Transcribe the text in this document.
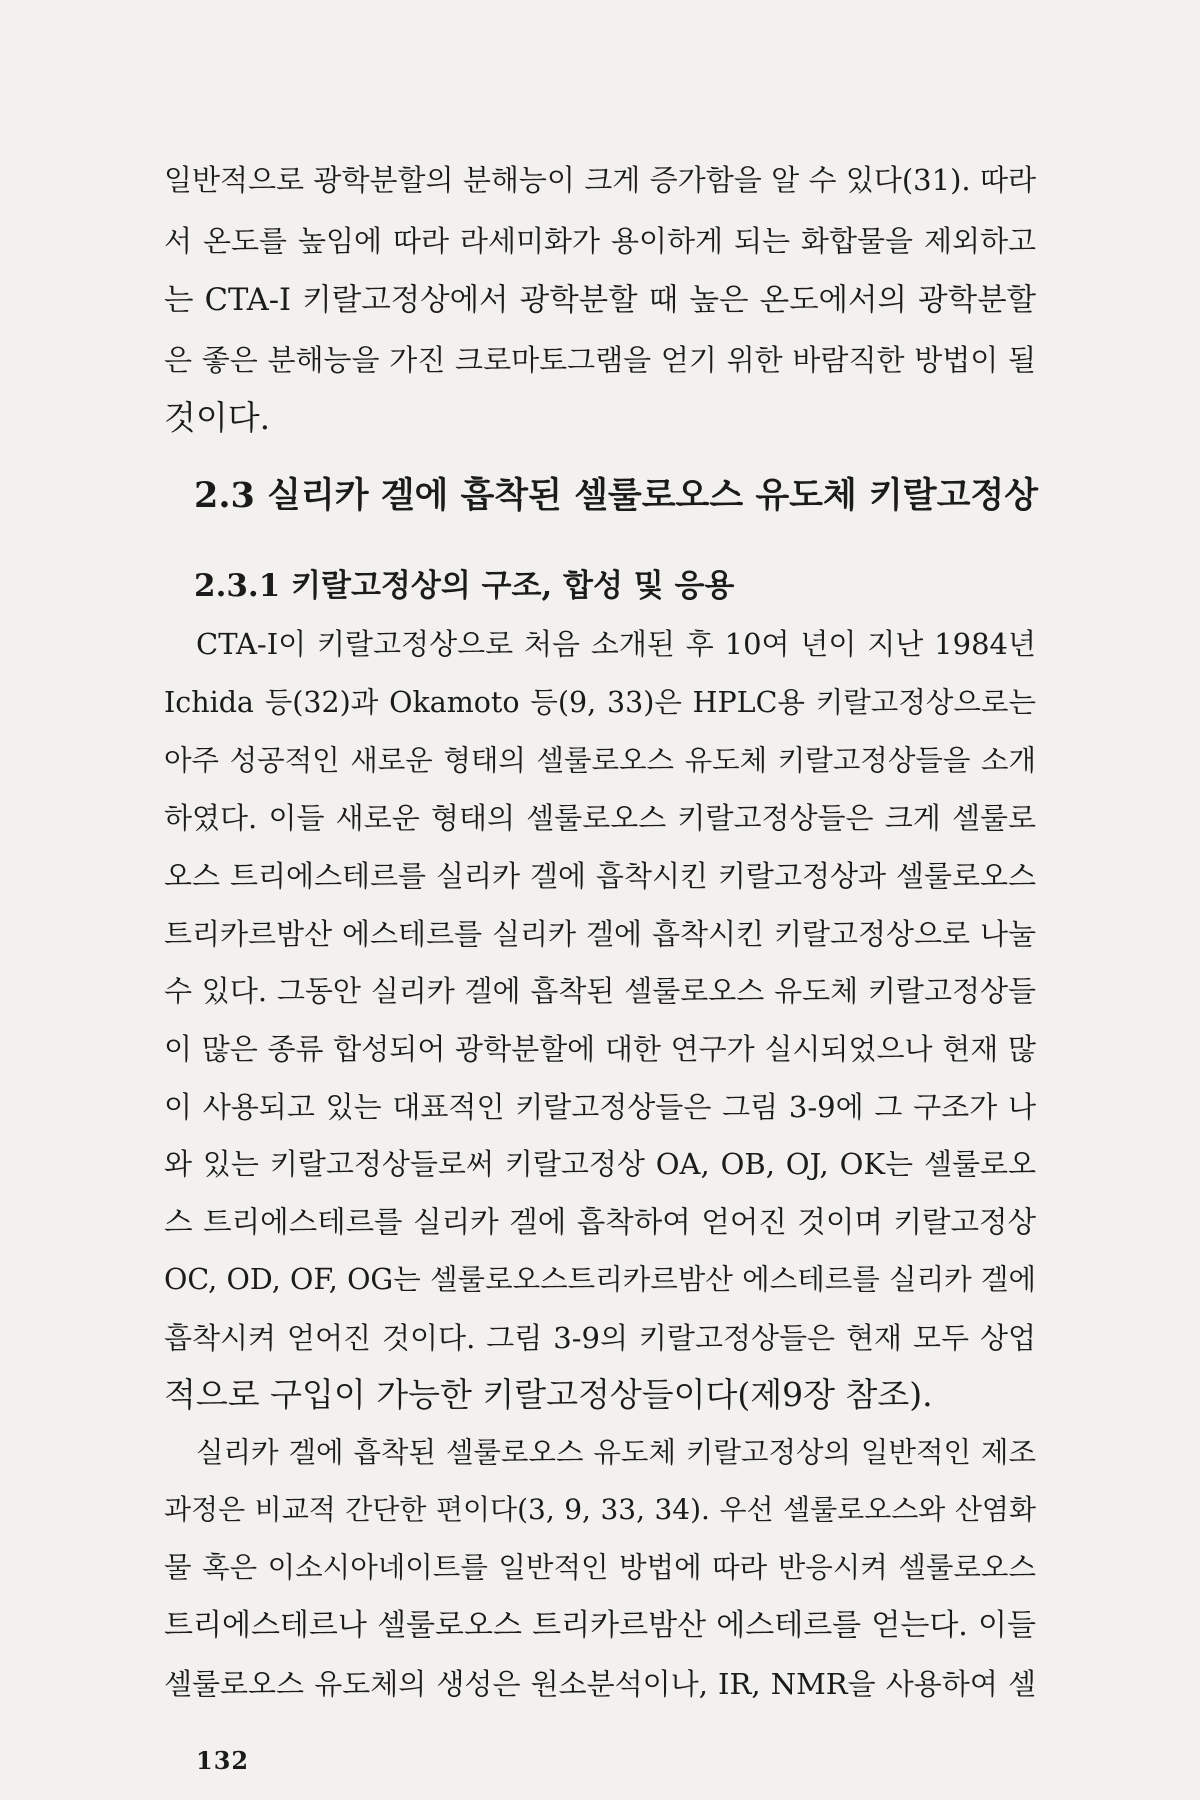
일반적으로 광학분할의 분해능이 크게 증가함을 알 수 있다(31). 따라
서 온도를 높임에 따라 라세미화가 용이하게 되는 화합물을 제외하고
는 CTA-I 키랄고정상에서 광학분할 때 높은 온도에서의 광학분할
은 좋은 분해능을 가진 크로마토그램을 얻기 위한 바람직한 방법이 될
것이다.
2.3 실리카 겔에 흡착된 셀룰로오스 유도체 키랄고정상
2.3.1 키랄고정상의 구조, 합성 및 응용
CTA-I이 키랄고정상으로 처음 소개된 후 10여 년이 지난 1984년
Ichida 등(32)과 Okamoto 등(9, 33)은 HPLC용 키랄고정상으로는
아주 성공적인 새로운 형태의 셀룰로오스 유도체 키랄고정상들을 소개
하였다. 이들 새로운 형태의 셀룰로오스 키랄고정상들은 크게 셀룰로
오스 트리에스테르를 실리카 겔에 흡착시킨 키랄고정상과 셀룰로오스
트리카르밤산 에스테르를 실리카 겔에 흡착시킨 키랄고정상으로 나눌
수 있다. 그동안 실리카 겔에 흡착된 셀룰로오스 유도체 키랄고정상들
이 많은 종류 합성되어 광학분할에 대한 연구가 실시되었으나 현재 많
이 사용되고 있는 대표적인 키랄고정상들은 그림 3-9에 그 구조가 나
와 있는 키랄고정상들로써 키랄고정상 OA, OB, OJ, OK는 셀룰로오
스 트리에스테르를 실리카 겔에 흡착하여 얻어진 것이며 키랄고정상
OC, OD, OF, OG는 셀룰로오스트리카르밤산 에스테르를 실리카 겔에
흡착시켜 얻어진 것이다. 그림 3-9의 키랄고정상들은 현재 모두 상업
적으로 구입이 가능한 키랄고정상들이다(제9장 참조).
실리카 겔에 흡착된 셀룰로오스 유도체 키랄고정상의 일반적인 제조
과정은 비교적 간단한 편이다(3, 9, 33, 34). 우선 셀룰로오스와 산염화
물 혹은 이소시아네이트를 일반적인 방법에 따라 반응시켜 셀룰로오스
트리에스테르나 셀룰로오스 트리카르밤산 에스테르를 얻는다. 이들
셀룰로오스 유도체의 생성은 원소분석이나, IR, NMR을 사용하여 셀
132
